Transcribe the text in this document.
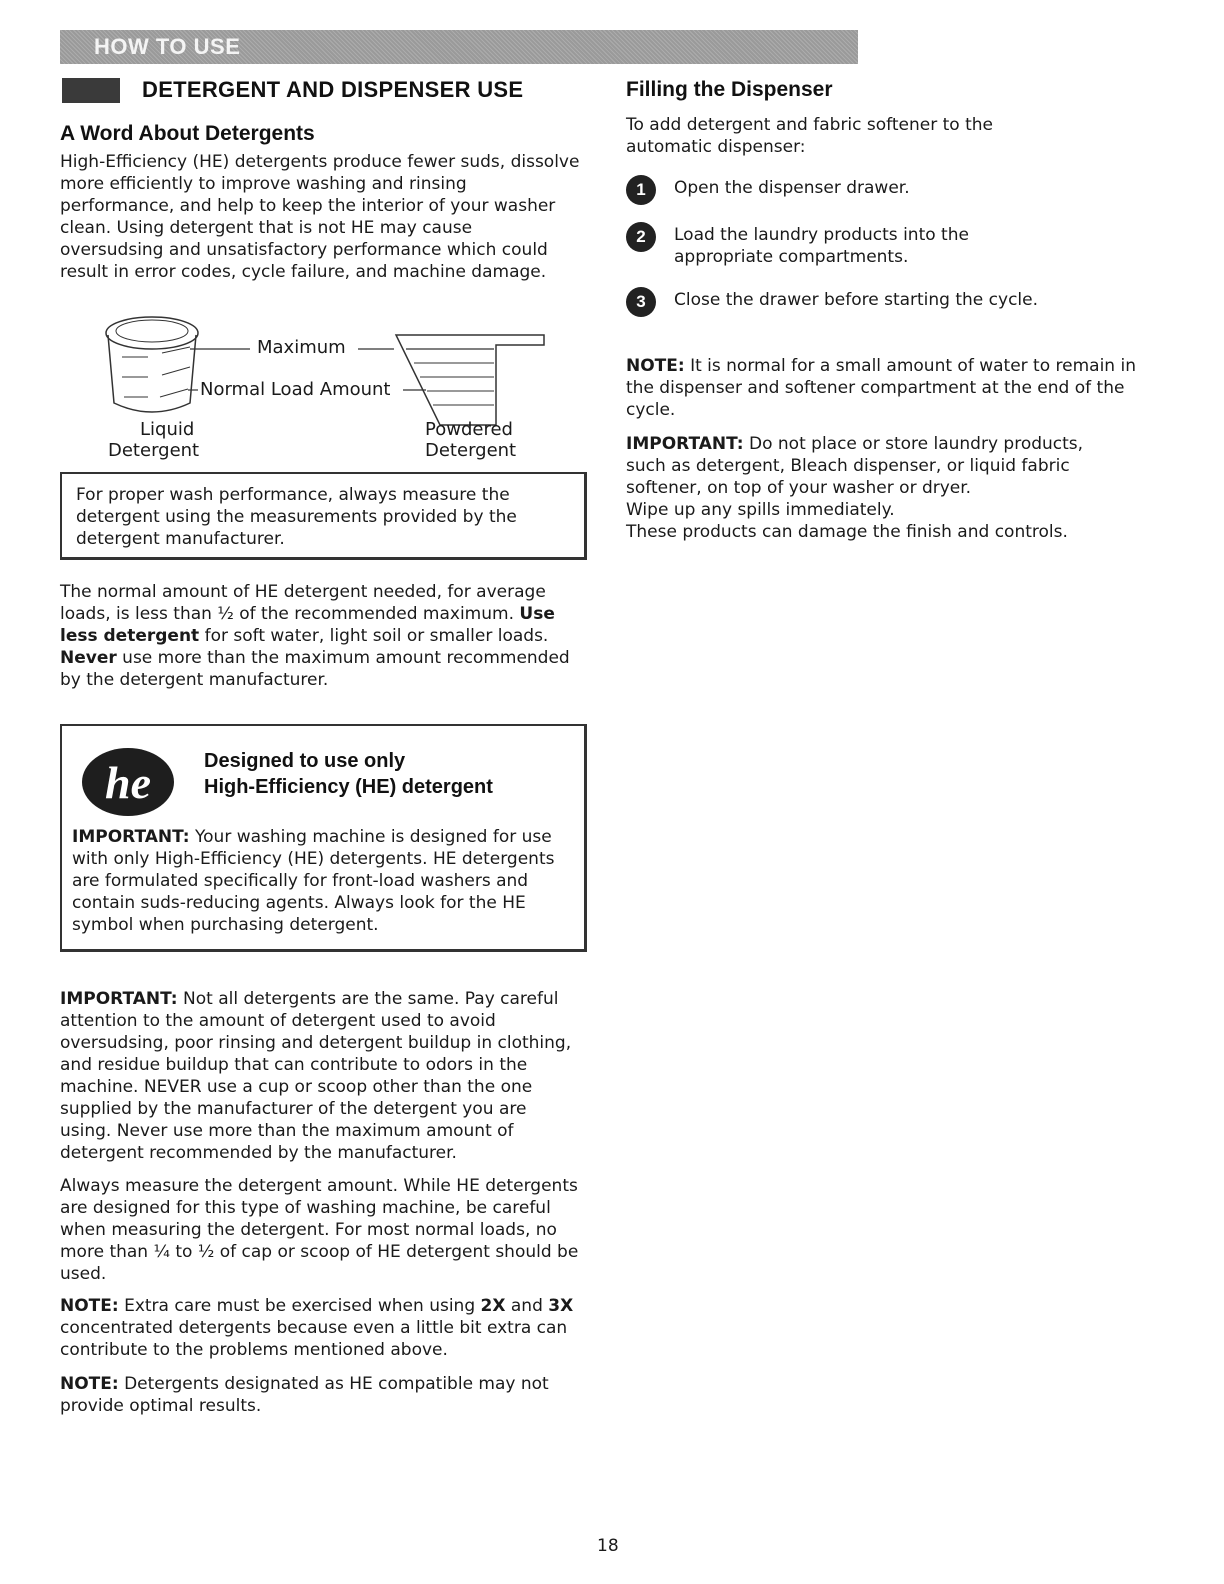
HOW TO USE
DETERGENT AND DISPENSER USE
A Word About Detergents

High-Efficiency (HE) detergents produce fewer suds, dissolve more efficiently to improve washing and rinsing performance, and help to keep the interior of your washer clean. Using detergent that is not HE may cause oversudsing and unsatisfactory performance which could result in error codes, cycle failure, and machine damage.

Maximum
Normal Load Amount
Liquid
Detergent
Powdered
Detergent

For proper wash performance, always measure the detergent using the measurements provided by the detergent manufacturer.

The normal amount of HE detergent needed, for average loads, is less than ½ of the recommended maximum. Use less detergent for soft water, light soil or smaller loads. Never use more than the maximum amount recommended by the detergent manufacturer.

he	Designed to use only
High-Efficiency (HE) detergent

IMPORTANT: Your washing machine is designed for use with only High-Efficiency (HE) detergents. HE detergents are formulated specifically for front-load washers and contain suds-reducing agents. Always look for the HE symbol when purchasing detergent.

IMPORTANT: Not all detergents are the same. Pay careful attention to the amount of detergent used to avoid oversudsing, poor rinsing and detergent buildup in clothing, and residue buildup that can contribute to odors in the machine. NEVER use a cup or scoop other than the one supplied by the manufacturer of the detergent you are using. Never use more than the maximum amount of detergent recommended by the manufacturer.

Always measure the detergent amount. While HE detergents are designed for this type of washing machine, be careful when measuring the detergent. For most normal loads, no more than ¼ to ½ of cap or scoop of HE detergent should be used.

NOTE: Extra care must be exercised when using 2X and 3X concentrated detergents because even a little bit extra can contribute to the problems mentioned above.

NOTE: Detergents designated as HE compatible may not provide optimal results.

Filling the Dispenser

To add detergent and fabric softener to the automatic dispenser:

1	Open the dispenser drawer.
2	Load the laundry products into the appropriate compartments.
3	Close the drawer before starting the cycle.

NOTE: It is normal for a small amount of water to remain in the dispenser and softener compartment at the end of the cycle.

IMPORTANT: Do not place or store laundry products, such as detergent, Bleach dispenser, or liquid fabric softener, on top of your washer or dryer.
Wipe up any spills immediately.
These products can damage the finish and controls.

18
